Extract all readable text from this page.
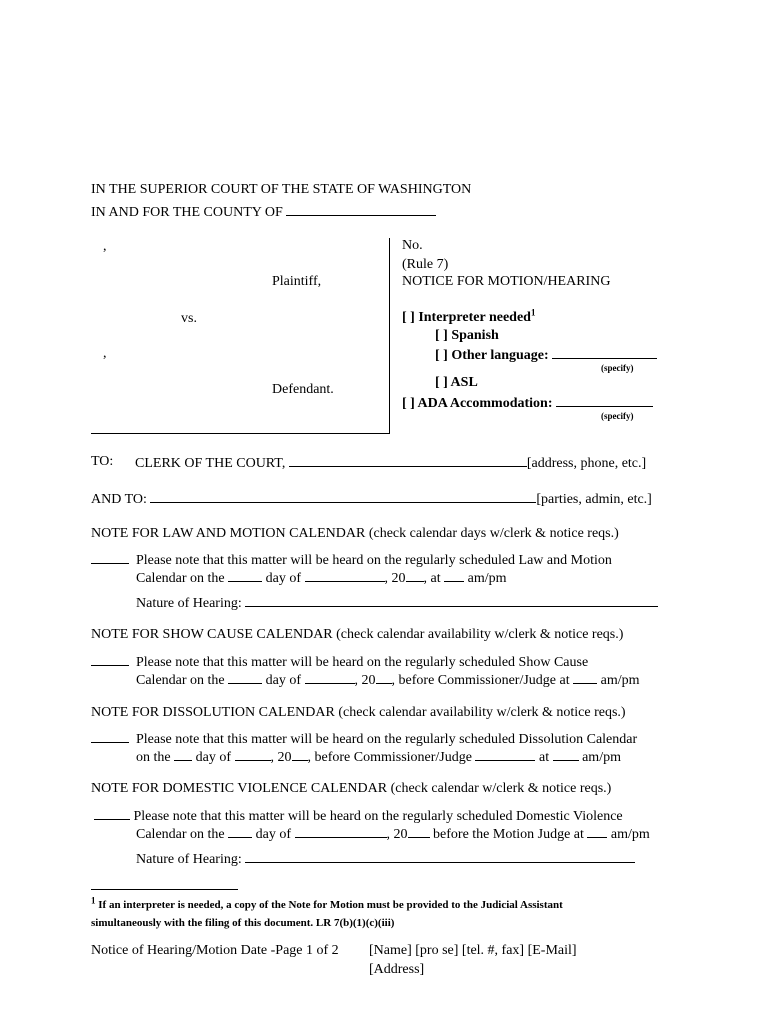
IN THE SUPERIOR COURT OF THE STATE OF WASHINGTON
IN AND FOR THE COUNTY OF
,
Plaintiff,
vs.
,
Defendant.
No.
(Rule 7)
NOTICE FOR MOTION/HEARING
[ ] Interpreter needed$^1$
[ ] Spanish
[ ] Other language:
(specify)
[ ] ASL
[ ] ADA Accommodation:
(specify)
TO: CLERK OF THE COURT,	[address, phone, etc.]
AND TO:	[parties, admin, etc.]
NOTE FOR LAW AND MOTION CALENDAR (check calendar days w/clerk & notice reqs.)
Please note that this matter will be heard on the regularly scheduled Law and Motion
Calendar on the	day of	, 20 , at am/pm
Nature of Hearing:
NOTE FOR SHOW CAUSE CALENDAR (check calendar availability w/clerk & notice reqs.)
Please note that this matter will be heard on the regularly scheduled Show Cause
Calendar on the	day of	, 20 , before Commissioner/Judge at am/pm
NOTE FOR DISSOLUTION CALENDAR (check calendar availability w/clerk & notice reqs.)
Please note that this matter will be heard on the regularly scheduled Dissolution Calendar
on the day of	, 20 , before Commissioner/Judge	at am/pm
NOTE FOR DOMESTIC VIOLENCE CALENDAR (check calendar w/clerk & notice reqs.)
Please note that this matter will be heard on the regularly scheduled Domestic Violence
Calendar on the day of	, 20 before the Motion Judge at am/pm
Nature of Hearing:
$^1$ If an interpreter is needed, a copy of the Note for Motion must be provided to the Judicial Assistant
simultaneously with the filing of this document. LR 7(b)(1)(c)(iii)
Notice of Hearing/Motion Date -Page 1 of 2 [Name] [pro se] [tel. #, fax] [E-Mail]
[Address]
